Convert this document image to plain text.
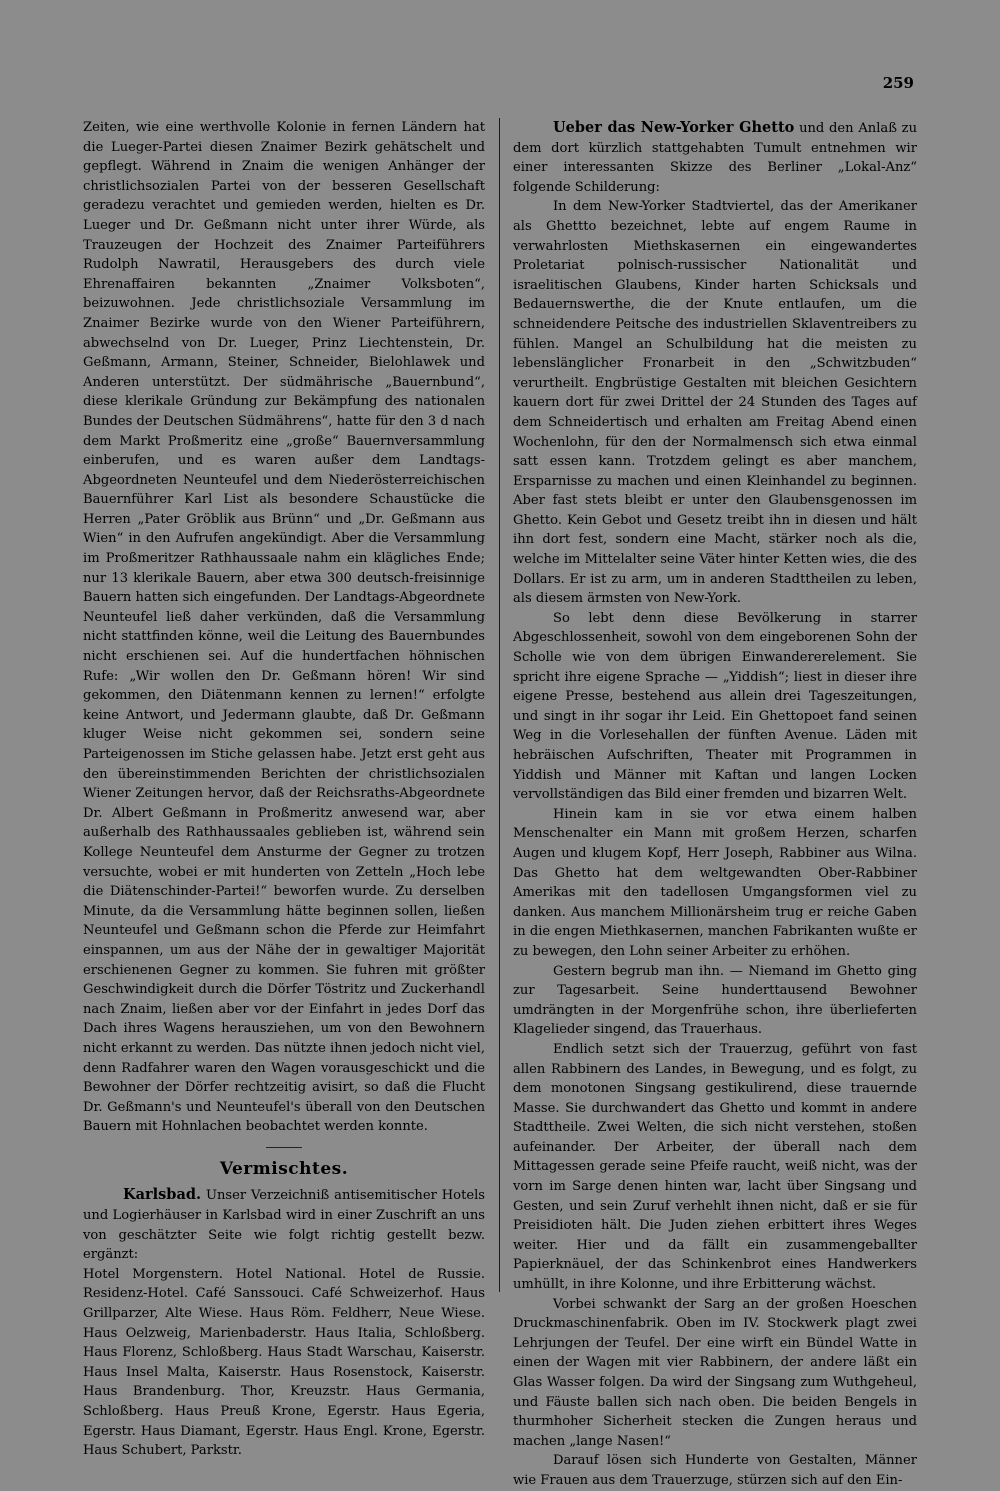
259

Zeiten, wie eine werthvolle Kolonie in fernen Ländern hat die Lueger-Partei diesen Znaimer Bezirk gehätschelt und gepflegt. Während in Znaim die wenigen Anhänger der christlichsozialen Partei von der besseren Gesellschaft geradezu verachtet und gemieden werden, hielten es Dr. Lueger und Dr. Geßmann nicht unter ihrer Würde, als Trauzeugen der Hochzeit des Znaimer Parteiführers Rudolph Nawratil, Herausgebers des durch viele Ehrenaffairen bekannten „Znaimer Volksboten“, beizuwohnen. Jede christlichsoziale Versammlung im Znaimer Bezirke wurde von den Wiener Parteiführern, abwechselnd von Dr. Lueger, Prinz Liechtenstein, Dr. Geßmann, Armann, Steiner, Schneider, Bielohlawek und Anderen unterstützt. Der südmährische „Bauernbund“, diese klerikale Gründung zur Bekämpfung des nationalen Bundes der Deutschen Südmährens“, hatte für den 3 d nach dem Markt Proßmeritz eine „große“ Bauernversammlung einberufen, und es waren außer dem Landtags-Abgeordneten Neunteufel und dem Niederösterreichischen Bauernführer Karl List als besondere Schaustücke die Herren „Pater Gröblik aus Brünn“ und „Dr. Geßmann aus Wien“ in den Aufrufen angekündigt. Aber die Versammlung im Proßmeritzer Rathhaussaale nahm ein klägliches Ende; nur 13 klerikale Bauern, aber etwa 300 deutsch-freisinnige Bauern hatten sich eingefunden. Der Landtags-Abgeordnete Neunteufel ließ daher verkünden, daß die Versammlung nicht stattfinden könne, weil die Leitung des Bauernbundes nicht erschienen sei. Auf die hundertfachen höhnischen Rufe: „Wir wollen den Dr. Geßmann hören! Wir sind gekommen, den Diätenmann kennen zu lernen!“ erfolgte keine Antwort, und Jedermann glaubte, daß Dr. Geßmann kluger Weise nicht gekommen sei, sondern seine Parteigenossen im Stiche gelassen habe. Jetzt erst geht aus den übereinstimmenden Berichten der christlichsozialen Wiener Zeitungen hervor, daß der Reichsraths-Abgeordnete Dr. Albert Geßmann in Proßmeritz anwesend war, aber außerhalb des Rathhaussaales geblieben ist, während sein Kollege Neunteufel dem Ansturme der Gegner zu trotzen versuchte, wobei er mit hunderten von Zetteln „Hoch lebe die Diätenschinder-Partei!“ beworfen wurde. Zu derselben Minute, da die Versammlung hätte beginnen sollen, ließen Neunteufel und Geßmann schon die Pferde zur Heimfahrt einspannen, um aus der Nähe der in gewaltiger Majorität erschienenen Gegner zu kommen. Sie fuhren mit größter Geschwindigkeit durch die Dörfer Töstritz und Zuckerhandl nach Znaim, ließen aber vor der Einfahrt in jedes Dorf das Dach ihres Wagens herausziehen, um von den Bewohnern nicht erkannt zu werden. Das nützte ihnen jedoch nicht viel, denn Radfahrer waren den Wagen vorausgeschickt und die Bewohner der Dörfer rechtzeitig avisirt, so daß die Flucht Dr. Geßmann's und Neunteufel's überall von den Deutschen Bauern mit Hohnlachen beobachtet werden konnte.

Vermischtes.

Karlsbad. Unser Verzeichniß antisemitischer Hotels und Logierhäuser in Karlsbad wird in einer Zuschrift an uns von geschätzter Seite wie folgt richtig gestellt bezw. ergänzt:

Hotel Morgenstern. Hotel National. Hotel de Russie. Residenz-Hotel. Café Sanssouci. Café Schweizerhof. Haus Grillparzer, Alte Wiese. Haus Röm. Feldherr, Neue Wiese. Haus Oelzweig, Marienbaderstr. Haus Italia, Schloßberg. Haus Florenz, Schloßberg. Haus Stadt Warschau, Kaiserstr. Haus Insel Malta, Kaiserstr. Haus Rosenstock, Kaiserstr. Haus Brandenburg. Thor, Kreuzstr. Haus Germania, Schloßberg. Haus Preuß Krone, Egerstr. Haus Egeria, Egerstr. Haus Diamant, Egerstr. Haus Engl. Krone, Egerstr. Haus Schubert, Parkstr.

Ueber das New-Yorker Ghetto und den Anlaß zu dem dort kürzlich stattgehabten Tumult entnehmen wir einer interessanten Skizze des Berliner „Lokal-Anz“ folgende Schilderung:

In dem New-Yorker Stadtviertel, das der Amerikaner als Ghettto bezeichnet, lebte auf engem Raume in verwahrlosten Miethskasernen ein eingewandertes Proletariat polnisch-russischer Nationalität und israelitischen Glaubens, Kinder harten Schicksals und Bedauernswerthe, die der Knute entlaufen, um die schneidendere Peitsche des industriellen Sklaventreibers zu fühlen. Mangel an Schulbildung hat die meisten zu lebenslänglicher Fronarbeit in den „Schwitzbuden“ verurtheilt. Engbrüstige Gestalten mit bleichen Gesichtern kauern dort für zwei Drittel der 24 Stunden des Tages auf dem Schneidertisch und erhalten am Freitag Abend einen Wochenlohn, für den der Normalmensch sich etwa einmal satt essen kann. Trotzdem gelingt es aber manchem, Ersparnisse zu machen und einen Kleinhandel zu beginnen. Aber fast stets bleibt er unter den Glaubensgenossen im Ghetto. Kein Gebot und Gesetz treibt ihn in diesen und hält ihn dort fest, sondern eine Macht, stärker noch als die, welche im Mittelalter seine Väter hinter Ketten wies, die des Dollars. Er ist zu arm, um in anderen Stadttheilen zu leben, als diesem ärmsten von New-York.

So lebt denn diese Bevölkerung in starrer Abgeschlossenheit, sowohl von dem eingeborenen Sohn der Scholle wie von dem übrigen Einwandererelement. Sie spricht ihre eigene Sprache — „Yiddish“; liest in dieser ihre eigene Presse, bestehend aus allein drei Tageszeitungen, und singt in ihr sogar ihr Leid. Ein Ghettopoet fand seinen Weg in die Vorlesehallen der fünften Avenue. Läden mit hebräischen Aufschriften, Theater mit Programmen in Yiddish und Männer mit Kaftan und langen Locken vervollständigen das Bild einer fremden und bizarren Welt.

Hinein kam in sie vor etwa einem halben Menschenalter ein Mann mit großem Herzen, scharfen Augen und klugem Kopf, Herr Joseph, Rabbiner aus Wilna. Das Ghetto hat dem weltgewandten Ober-Rabbiner Amerikas mit den tadellosen Umgangsformen viel zu danken. Aus manchem Millionärsheim trug er reiche Gaben in die engen Miethkasernen, manchen Fabrikanten wußte er zu bewegen, den Lohn seiner Arbeiter zu erhöhen.

Gestern begrub man ihn. — Niemand im Ghetto ging zur Tagesarbeit. Seine hunderttausend Bewohner umdrängten in der Morgenfrühe schon, ihre überlieferten Klagelieder singend, das Trauerhaus.

Endlich setzt sich der Trauerzug, geführt von fast allen Rabbinern des Landes, in Bewegung, und es folgt, zu dem monotonen Singsang gestikulirend, diese trauernde Masse. Sie durchwandert das Ghetto und kommt in andere Stadttheile. Zwei Welten, die sich nicht verstehen, stoßen aufeinander. Der Arbeiter, der überall nach dem Mittagessen gerade seine Pfeife raucht, weiß nicht, was der vorn im Sarge denen hinten war, lacht über Singsang und Gesten, und sein Zuruf verhehlt ihnen nicht, daß er sie für Preisidioten hält. Die Juden ziehen erbittert ihres Weges weiter. Hier und da fällt ein zusammengeballter Papierknäuel, der das Schinkenbrot eines Handwerkers umhüllt, in ihre Kolonne, und ihre Erbitterung wächst.

Vorbei schwankt der Sarg an der großen Hoeschen Druckmaschinenfabrik. Oben im IV. Stockwerk plagt zwei Lehrjungen der Teufel. Der eine wirft ein Bündel Watte in einen der Wagen mit vier Rabbinern, der andere läßt ein Glas Wasser folgen. Da wird der Singsang zum Wuthgeheul, und Fäuste ballen sich nach oben. Die beiden Bengels in thurmhoher Sicherheit stecken die Zungen heraus und machen „lange Nasen!“

Darauf lösen sich Hunderte von Gestalten, Männer wie Frauen aus dem Trauerzuge, stürzen sich auf den Ein-
